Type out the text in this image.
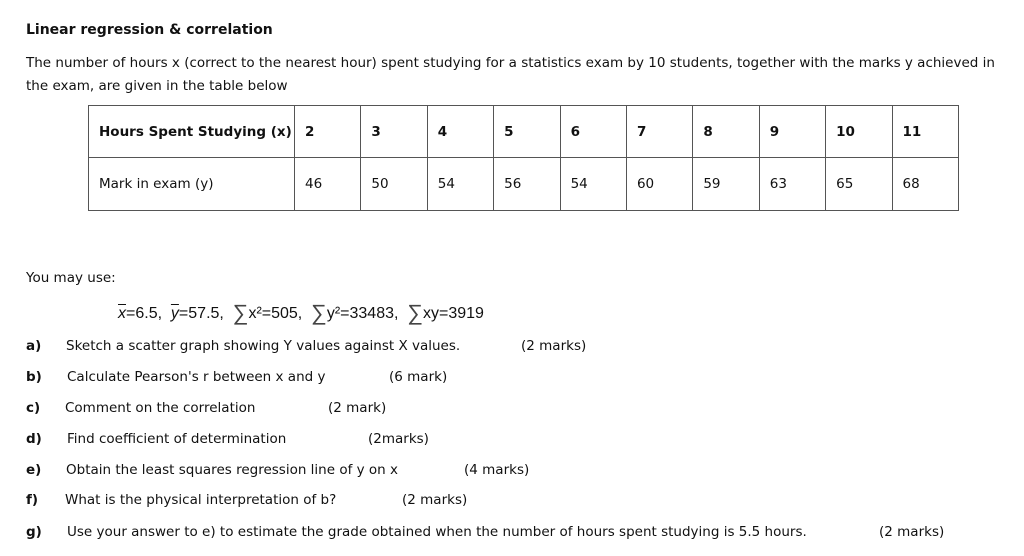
Linear regression & correlation
The number of hours x (correct to the nearest hour) spent studying for a statistics exam by 10 students, together with the marks y achieved in
the exam, are given in the table below
Hours Spent Studying (x)	2	3	4	5	6	7	8	9	10	11
Mark in exam (y)	46	50	54	56	54	60	59	63	65	68
You may use:
$\overline{x}=6.5$, $\overline{y}=57.5$, ∑x²=505, ∑y²=33483, ∑xy=3919
a) Sketch a scatter graph showing Y values against X values.	(2 marks)
b) Calculate Pearson's r between x and y	(6 mark)
c) Comment on the correlation	(2 mark)
d) Find coefficient of determination	(2marks)
e) Obtain the least squares regression line of y on x	(4 marks)
f) What is the physical interpretation of b?	(2 marks)
g) Use your answer to e) to estimate the grade obtained when the number of hours spent studying is 5.5 hours.	(2 marks)
